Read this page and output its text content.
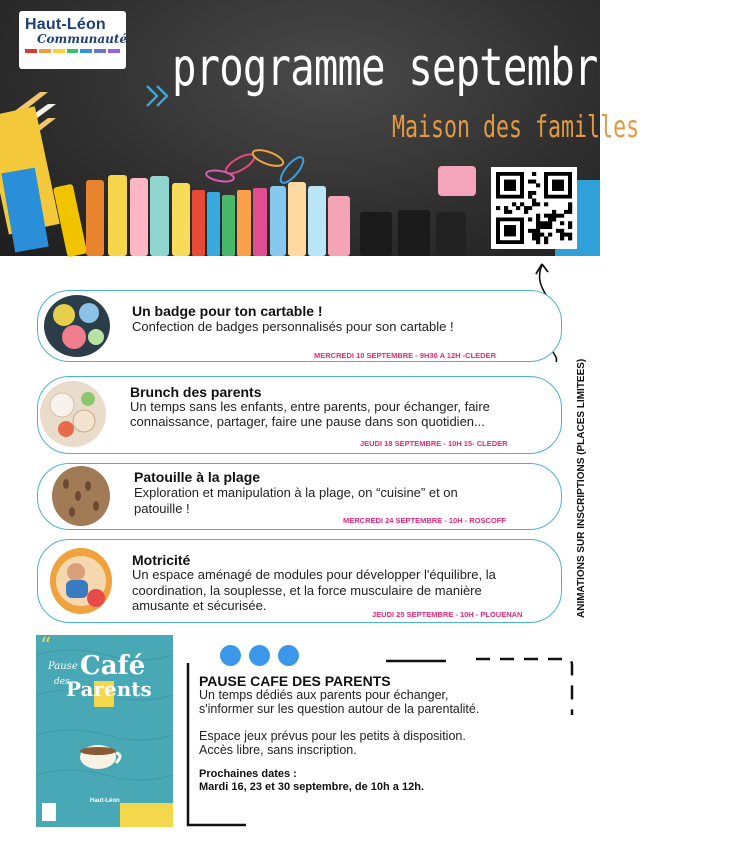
Haut-Léon
Communauté programme septembre 2025
Maison des familles
ANIMATIONS SUR INSCRIPTIONS (PLACES LIMITEES)
Un badge pour ton cartable !
Confection de badges personnalisés pour son cartable !
MERCREDI 10 SEPTEMBRE - 9H30 A 12H -CLEDER
Brunch des parents
Un temps sans les enfants, entre parents, pour échanger, faire
connaissance, partager, faire une pause dans son quotidien...
JEUDI 18 SEPTEMBRE - 10H 15- CLEDER
Patouille à la plage
Exploration et manipulation à la plage, on “cuisine” et on
patouille !
MERCREDI 24 SEPTEMBRE - 10H - ROSCOFF
Motricité
Un espace aménagé de modules pour développer l'équilibre, la
coordination, la souplesse, et la force musculaire de manière
amusante et sécurisée.
JEUDI 25 SEPTEMBRE - 10H - PLOUENAN
“
Pause Café
des
Parents
Haut-Léon
PAUSE CAFE DES PARENTS
Un temps dédiés aux parents pour échanger,
s'informer sur les question autour de la parentalité.
Espace jeux prévus pour les petits à disposition.
Accès libre, sans inscription.
Prochaines dates :
Mardi 16, 23 et 30 septembre, de 10h a 12h.
